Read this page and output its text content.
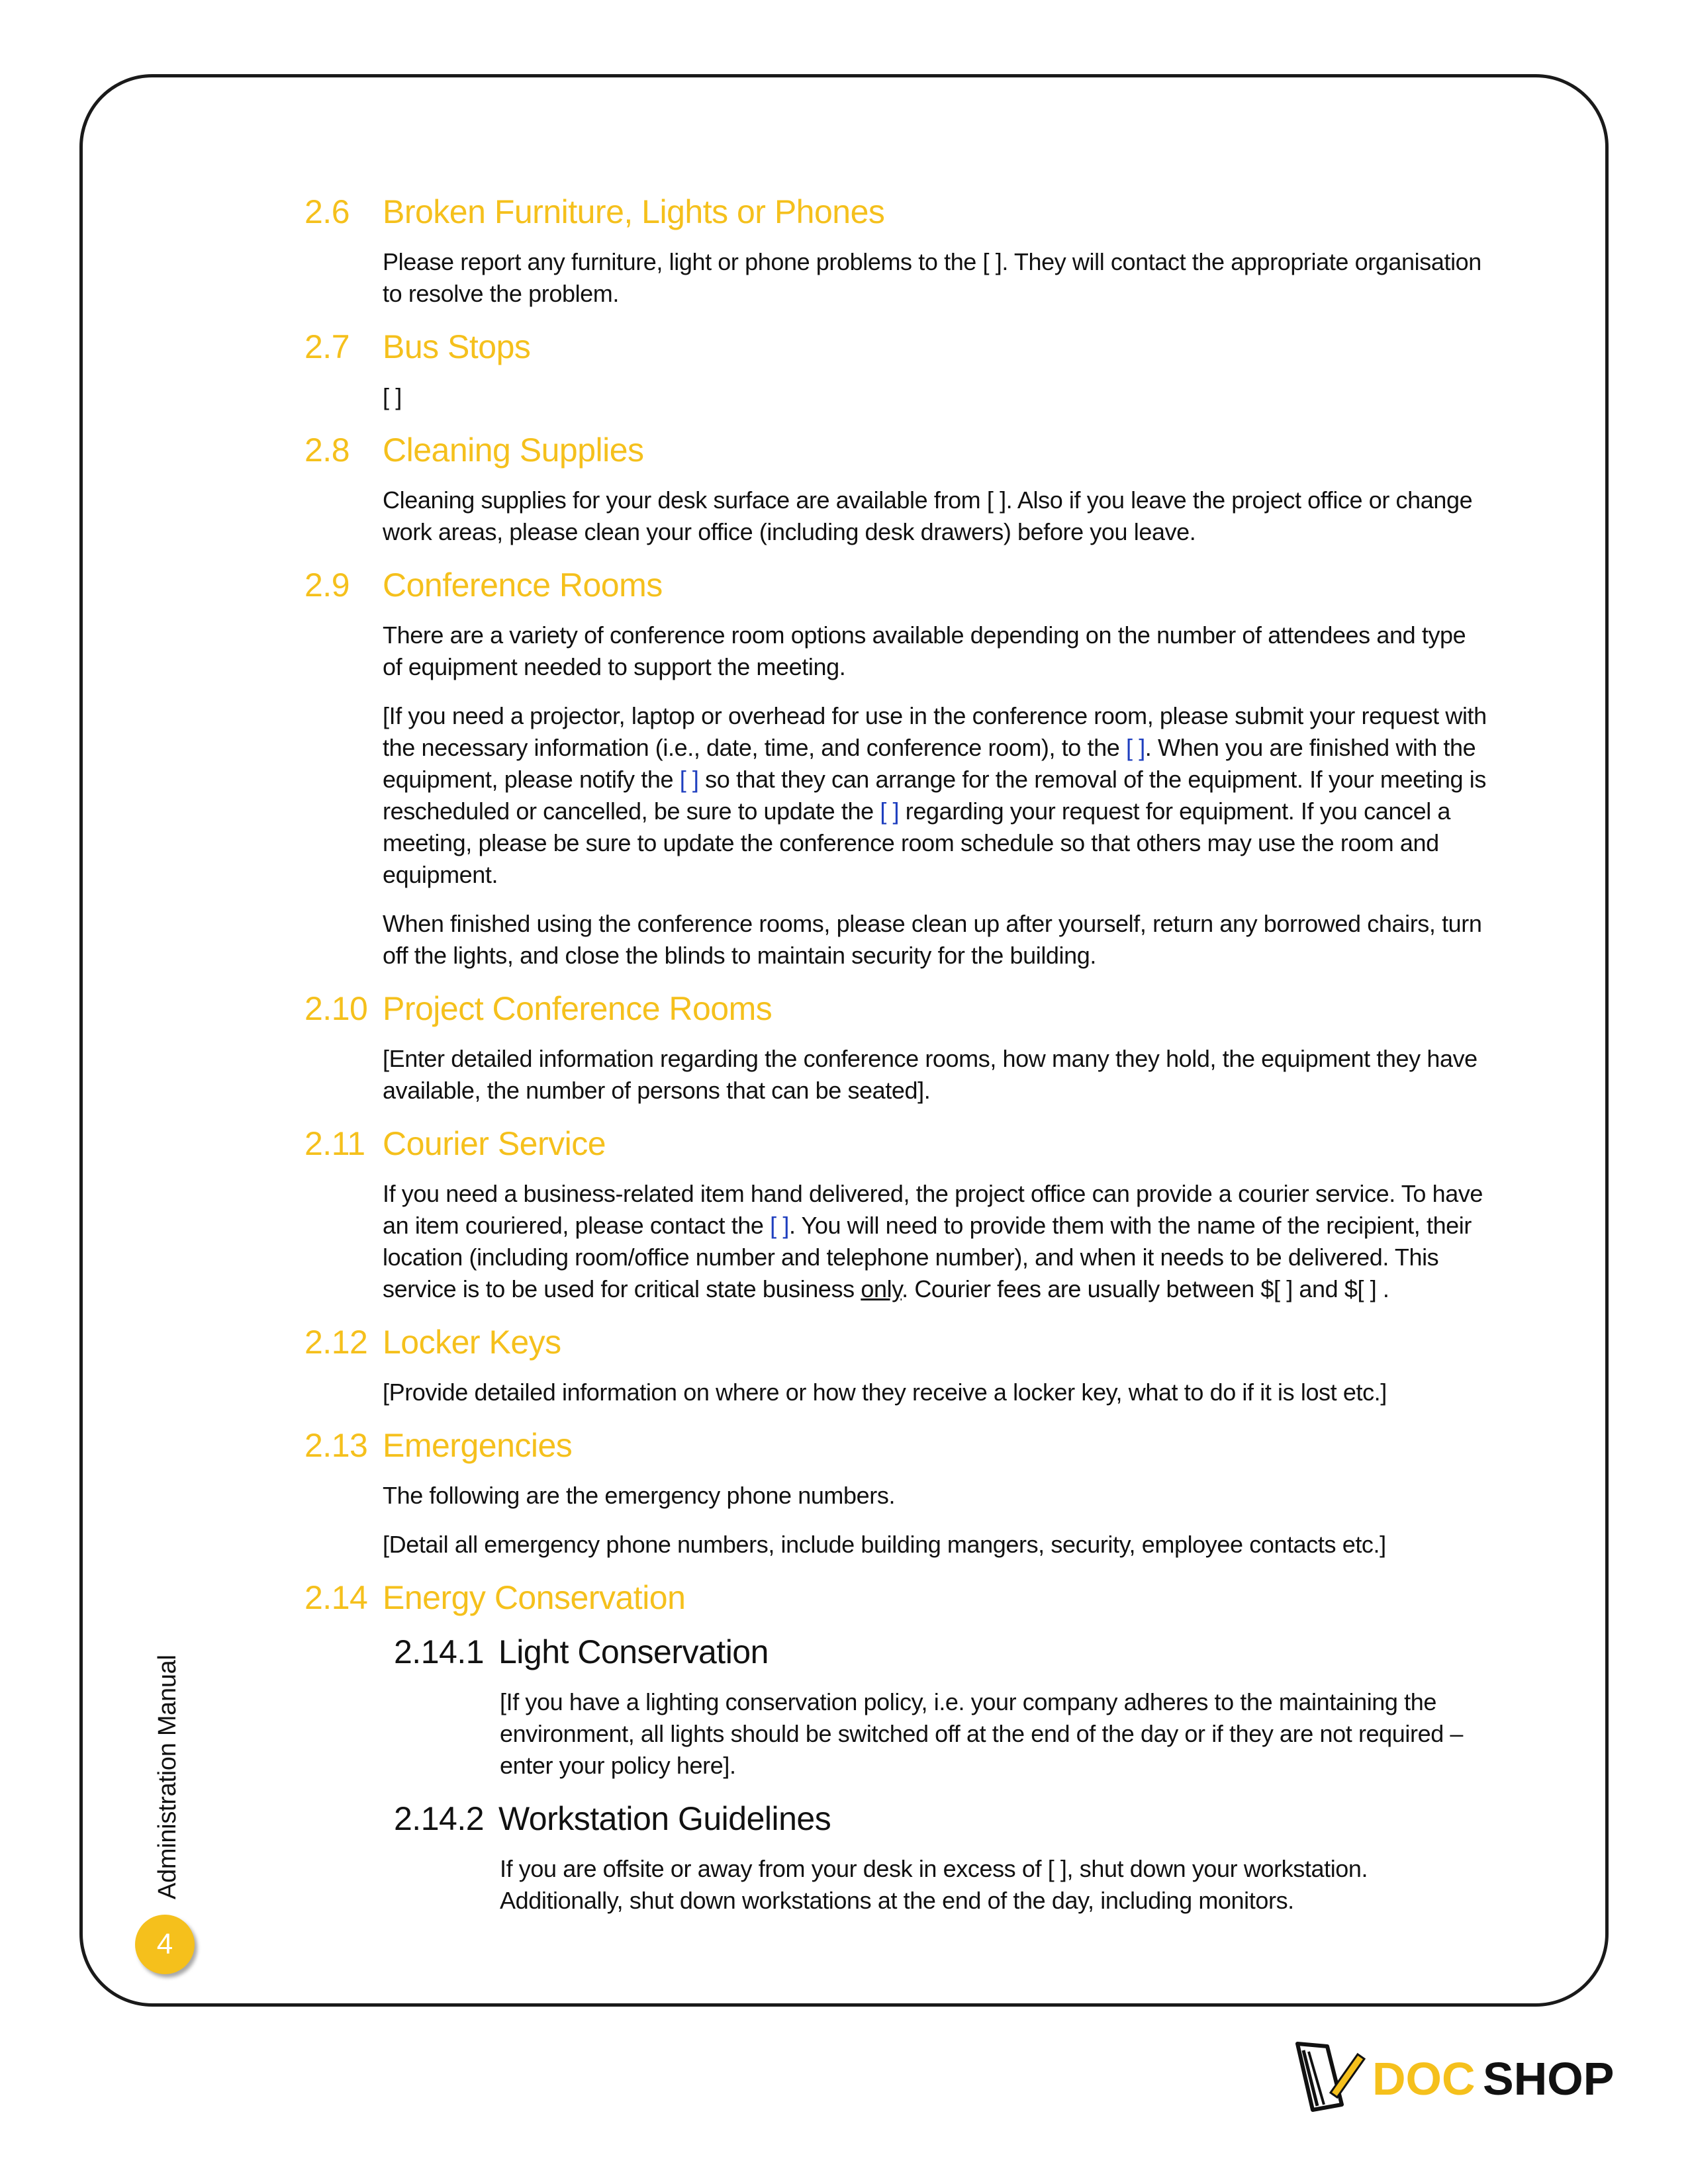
2.6 Broken Furniture, Lights or Phones

Please report any furniture, light or phone problems to the [ ]. They will contact the appropriate organisation to resolve the problem.

2.7 Bus Stops

[ ]

2.8 Cleaning Supplies

Cleaning supplies for your desk surface are available from [ ]. Also if you leave the project office or change work areas, please clean your office (including desk drawers) before you leave.

2.9 Conference Rooms

There are a variety of conference room options available depending on the number of attendees and type of equipment needed to support the meeting.

[If you need a projector, laptop or overhead for use in the conference room, please submit your request with the necessary information (i.e., date, time, and conference room), to the [ ]. When you are finished with the equipment, please notify the [ ] so that they can arrange for the removal of the equipment. If your meeting is rescheduled or cancelled, be sure to update the [ ] regarding your request for equipment. If you cancel a meeting, please be sure to update the conference room schedule so that others may use the room and equipment.

When finished using the conference rooms, please clean up after yourself, return any borrowed chairs, turn off the lights, and close the blinds to maintain security for the building.

2.10 Project Conference Rooms

[Enter detailed information regarding the conference rooms, how many they hold, the equipment they have available, the number of persons that can be seated].

2.11 Courier Service

If you need a business-related item hand delivered, the project office can provide a courier service. To have an item couriered, please contact the [ ]. You will need to provide them with the name of the recipient, their location (including room/office number and telephone number), and when it needs to be delivered. This service is to be used for critical state business only. Courier fees are usually between $[ ] and $[ ] .

2.12 Locker Keys

[Provide detailed information on where or how they receive a locker key, what to do if it is lost etc.]

2.13 Emergencies

The following are the emergency phone numbers.

[Detail all emergency phone numbers, include building mangers, security, employee contacts etc.]

2.14 Energy Conservation
2.14.1 Light Conservation

[If you have a lighting conservation policy, i.e. your company adheres to the maintaining the environment, all lights should be switched off at the end of the day or if they are not required – enter your policy here].

2.14.2 Workstation Guidelines

If you are offsite or away from your desk in excess of [ ], shut down your workstation. Additionally, shut down workstations at the end of the day, including monitors.

Administration Manual
4
DOC SHOP
